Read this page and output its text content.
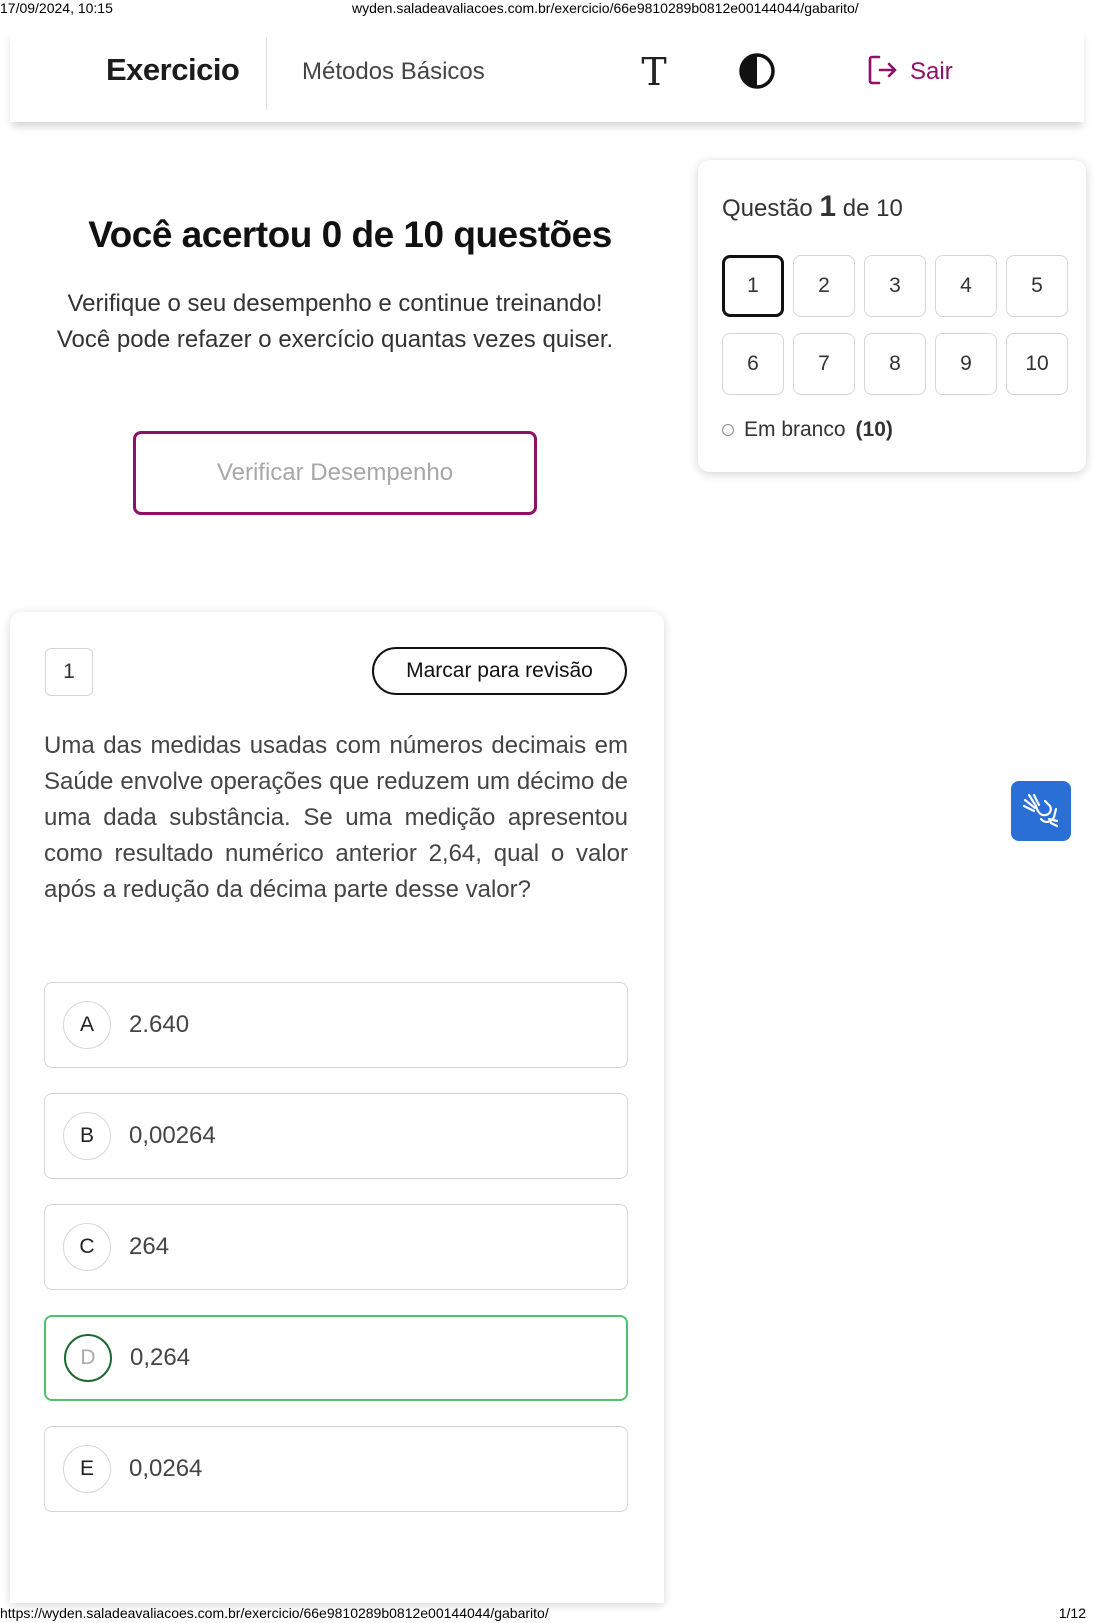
17/09/2024, 10:15	wyden.saladeavaliacoes.com.br/exercicio/66e9810289b0812e00144044/gabarito/
Exercicio	Métodos Básicos	T	Sair
Você acertou 0 de 10 questões
Verifique o seu desempenho e continue treinando! Você pode refazer o exercício quantas vezes quiser.
Verificar Desempenho
Questão 1 de 10
1	2	3	4	5
6	7	8	9	10
Em branco (10)
1	Marcar para revisão
Uma das medidas usadas com números decimais em Saúde envolve operações que reduzem um décimo de uma dada substância. Se uma medição apresentou como resultado numérico anterior 2,64, qual o valor após a redução da décima parte desse valor?
A	2.640
B	0,00264
C	264
D	0,264
E	0,0264
https://wyden.saladeavaliacoes.com.br/exercicio/66e9810289b0812e00144044/gabarito/	1/12
